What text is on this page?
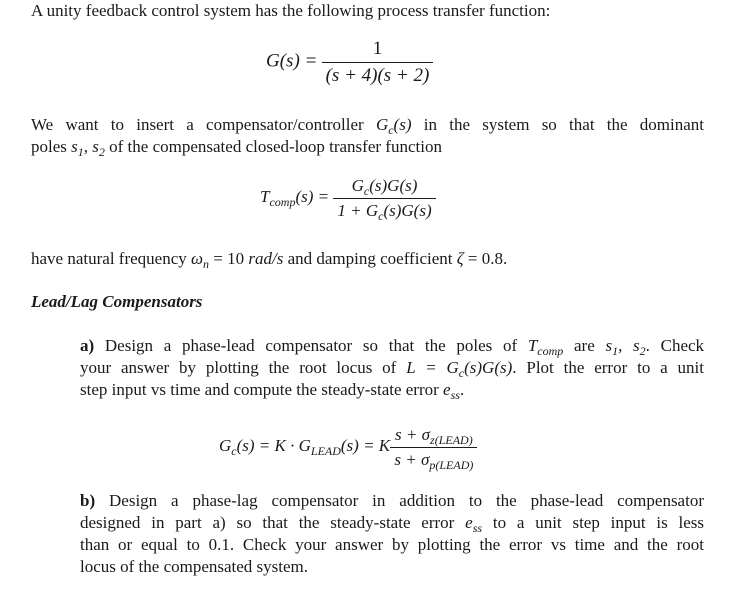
A unity feedback control system has the following process transfer function:
$G(s) = \frac{1}{(s + 4)(s + 2)}$
We want to insert a compensator/controller $G_c(s)$ in the system so that the dominant
poles $s_1$, $s_2$ of the compensated closed-loop transfer function
$T_{comp}(s) = \frac{G_c(s)G(s)}{1 + G_c(s)G(s)}$
have natural frequency $\omega_n = 10$ rad/s and damping coefficient ζ = 0.8.
Lead/Lag Compensators
a) Design a phase-lead compensator so that the poles of $T_{comp}$ are $s_1$, $s_2$. Check
your answer by plotting the root locus of $L = G_c(s)G(s)$. Plot the error to a unit
step input vs time and compute the steady-state error $e_{ss}$.
$G_c(s) = K \cdot G_{LEAD}(s) = K \frac{s + \sigma_{z(LEAD)}}{s + \sigma_{p(LEAD)}}$
b) Design a phase-lag compensator in addition to the phase-lead compensator
designed in part a) so that the steady-state error $e_{ss}$ to a unit step input is less
than or equal to 0.1. Check your answer by plotting the error vs time and the root
locus of the compensated system.
